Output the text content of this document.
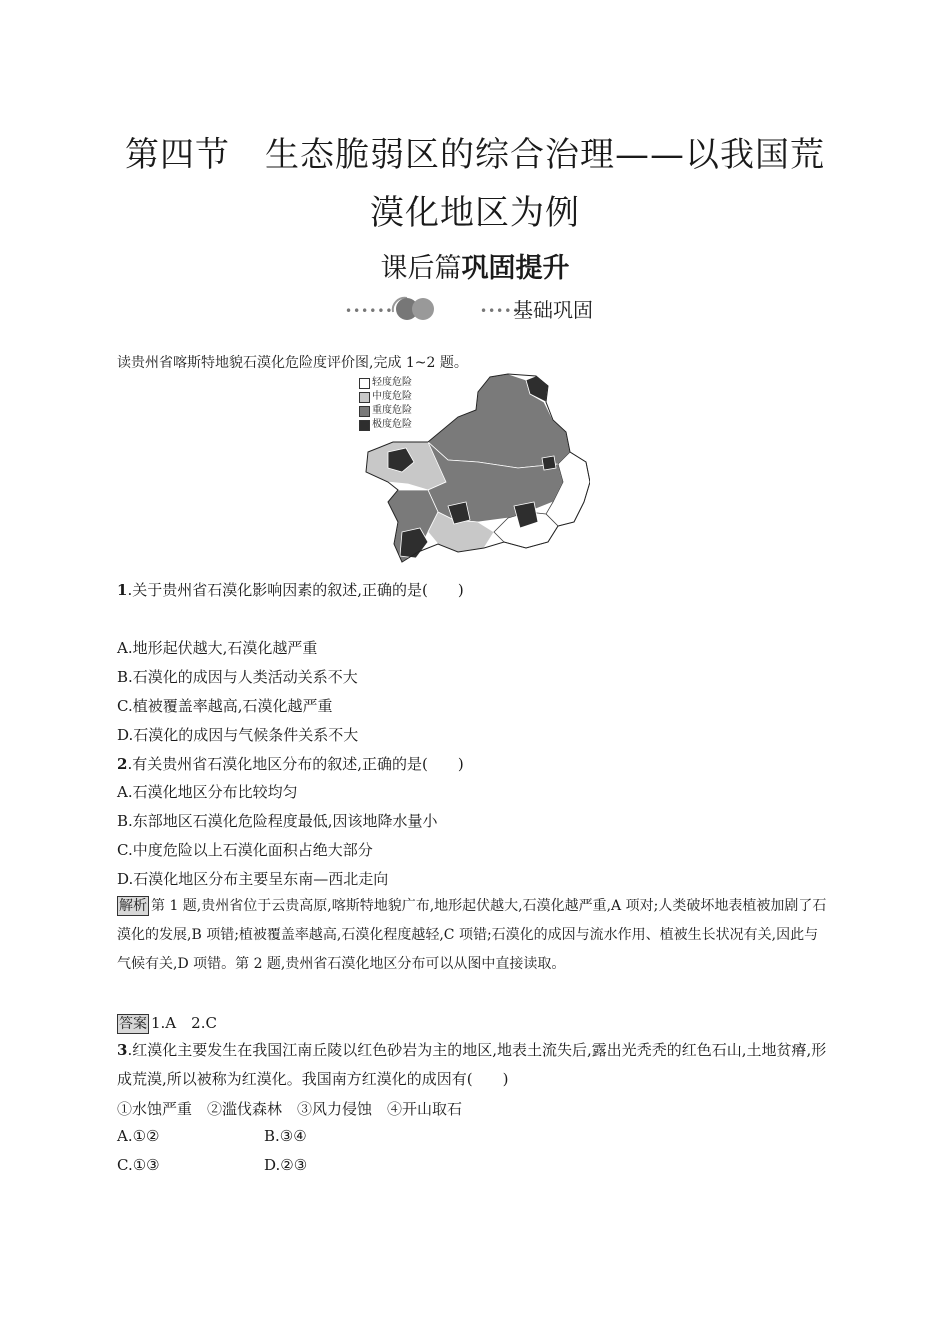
第四节　生态脆弱区的综合治理——以我国荒
漠化地区为例
课后篇巩固提升
••••••	•••••
基础巩固
读贵州省喀斯特地貌石漠化危险度评价图,完成 1~2 题。
轻度危险
中度危险
重度危险
极度危险
1.关于贵州省石漠化影响因素的叙述,正确的是(　　)
A.地形起伏越大,石漠化越严重
B.石漠化的成因与人类活动关系不大
C.植被覆盖率越高,石漠化越严重
D.石漠化的成因与气候条件关系不大
2.有关贵州省石漠化地区分布的叙述,正确的是(　　)
A.石漠化地区分布比较均匀
B.东部地区石漠化危险程度最低,因该地降水量小
C.中度危险以上石漠化面积占绝大部分
D.石漠化地区分布主要呈东南—西北走向
解析 第 1 题,贵州省位于云贵高原,喀斯特地貌广布,地形起伏越大,石漠化越严重,A 项对;人类破坏地表植被加剧了石漠化的发展,B 项错;植被覆盖率越高,石漠化程度越轻,C 项错;石漠化的成因与流水作用、植被生长状况有关,因此与气候有关,D 项错。第 2 题,贵州省石漠化地区分布可以从图中直接读取。
答案 1.A　2.C
3.红漠化主要发生在我国江南丘陵以红色砂岩为主的地区,地表土流失后,露出光秃秃的红色石山,土地贫瘠,形成荒漠,所以被称为红漠化。我国南方红漠化的成因有(　　)
①水蚀严重　②滥伐森林　③风力侵蚀　④开山取石
A.①②	B.③④
C.①③	D.②③
